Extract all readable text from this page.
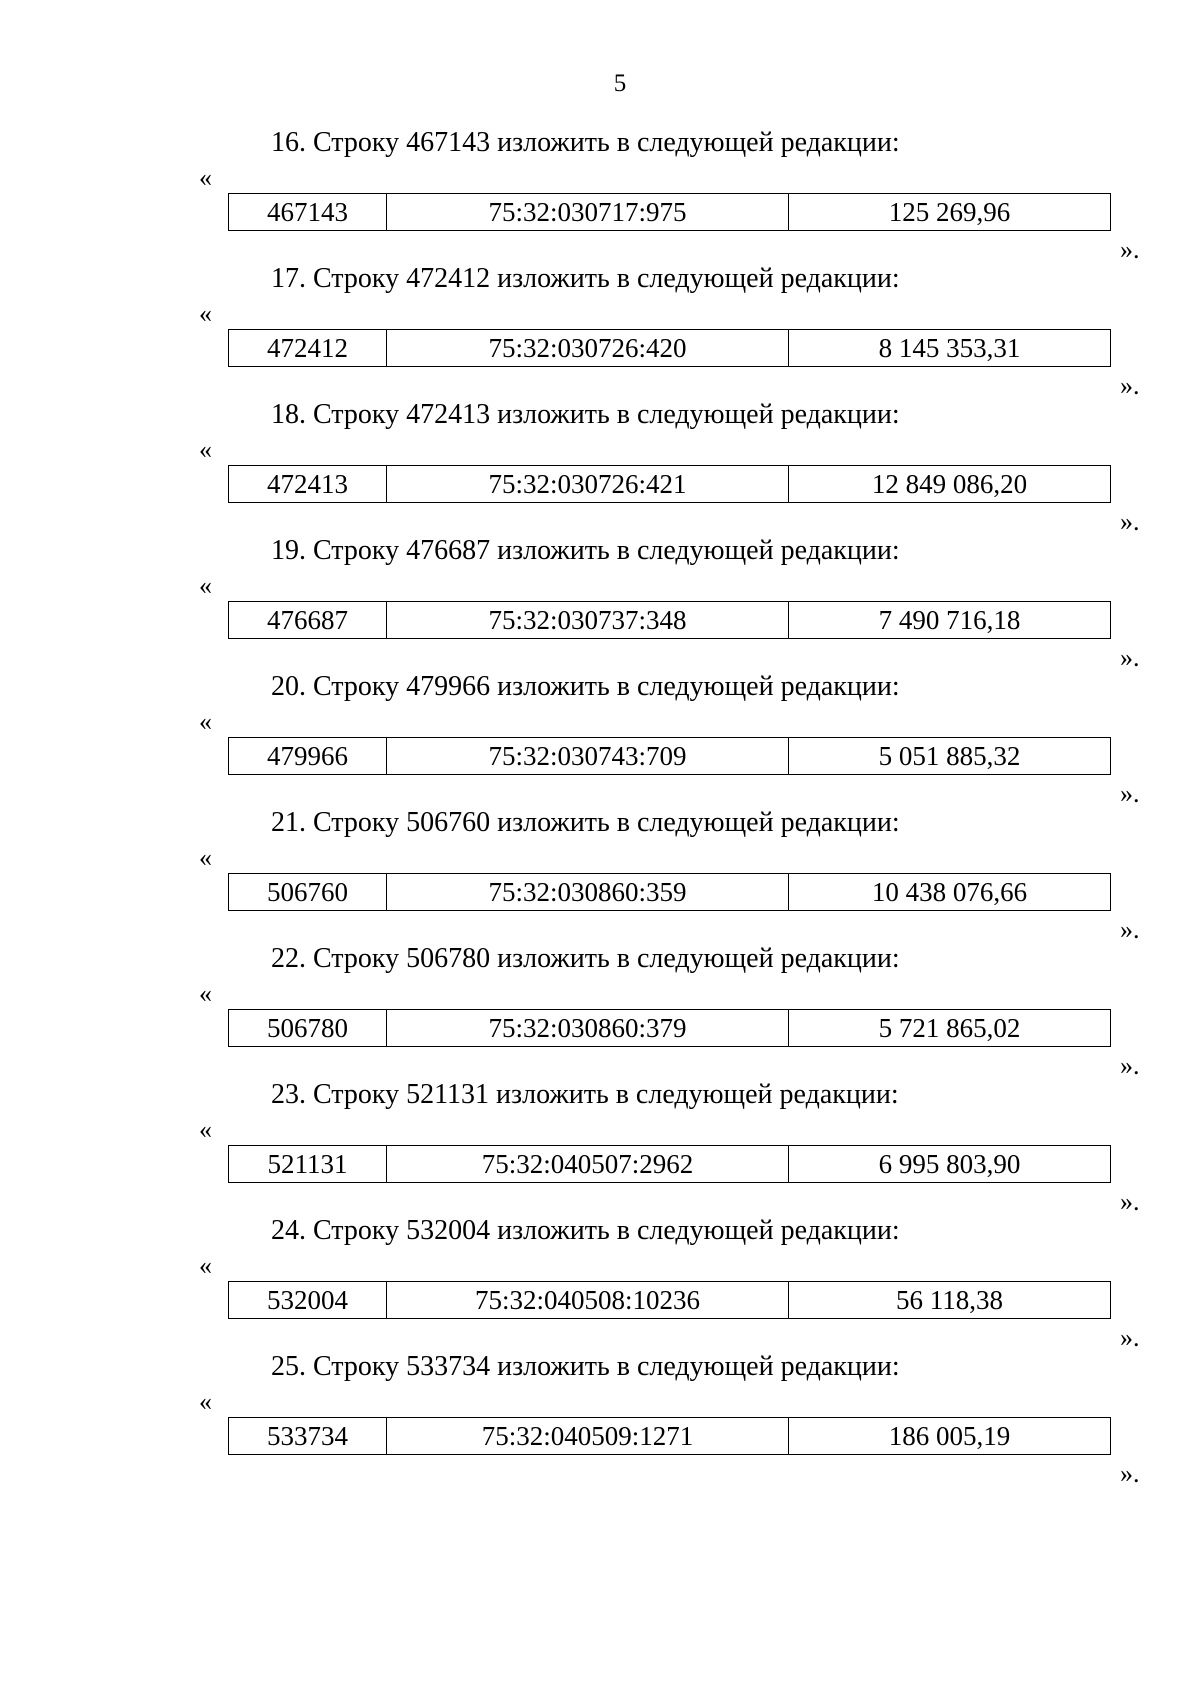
5
16. Строку 467143 изложить в следующей редакции:
«
467143	75:32:030717:975	125 269,96
».
17. Строку 472412 изложить в следующей редакции:
«
472412	75:32:030726:420	8 145 353,31
».
18. Строку 472413 изложить в следующей редакции:
«
472413	75:32:030726:421	12 849 086,20
».
19. Строку 476687 изложить в следующей редакции:
«
476687	75:32:030737:348	7 490 716,18
».
20. Строку 479966 изложить в следующей редакции:
«
479966	75:32:030743:709	5 051 885,32
».
21. Строку 506760 изложить в следующей редакции:
«
506760	75:32:030860:359	10 438 076,66
».
22. Строку 506780 изложить в следующей редакции:
«
506780	75:32:030860:379	5 721 865,02
».
23. Строку 521131 изложить в следующей редакции:
«
521131	75:32:040507:2962	6 995 803,90
».
24. Строку 532004 изложить в следующей редакции:
«
532004	75:32:040508:10236	56 118,38
».
25. Строку 533734 изложить в следующей редакции:
«
533734	75:32:040509:1271	186 005,19
».
